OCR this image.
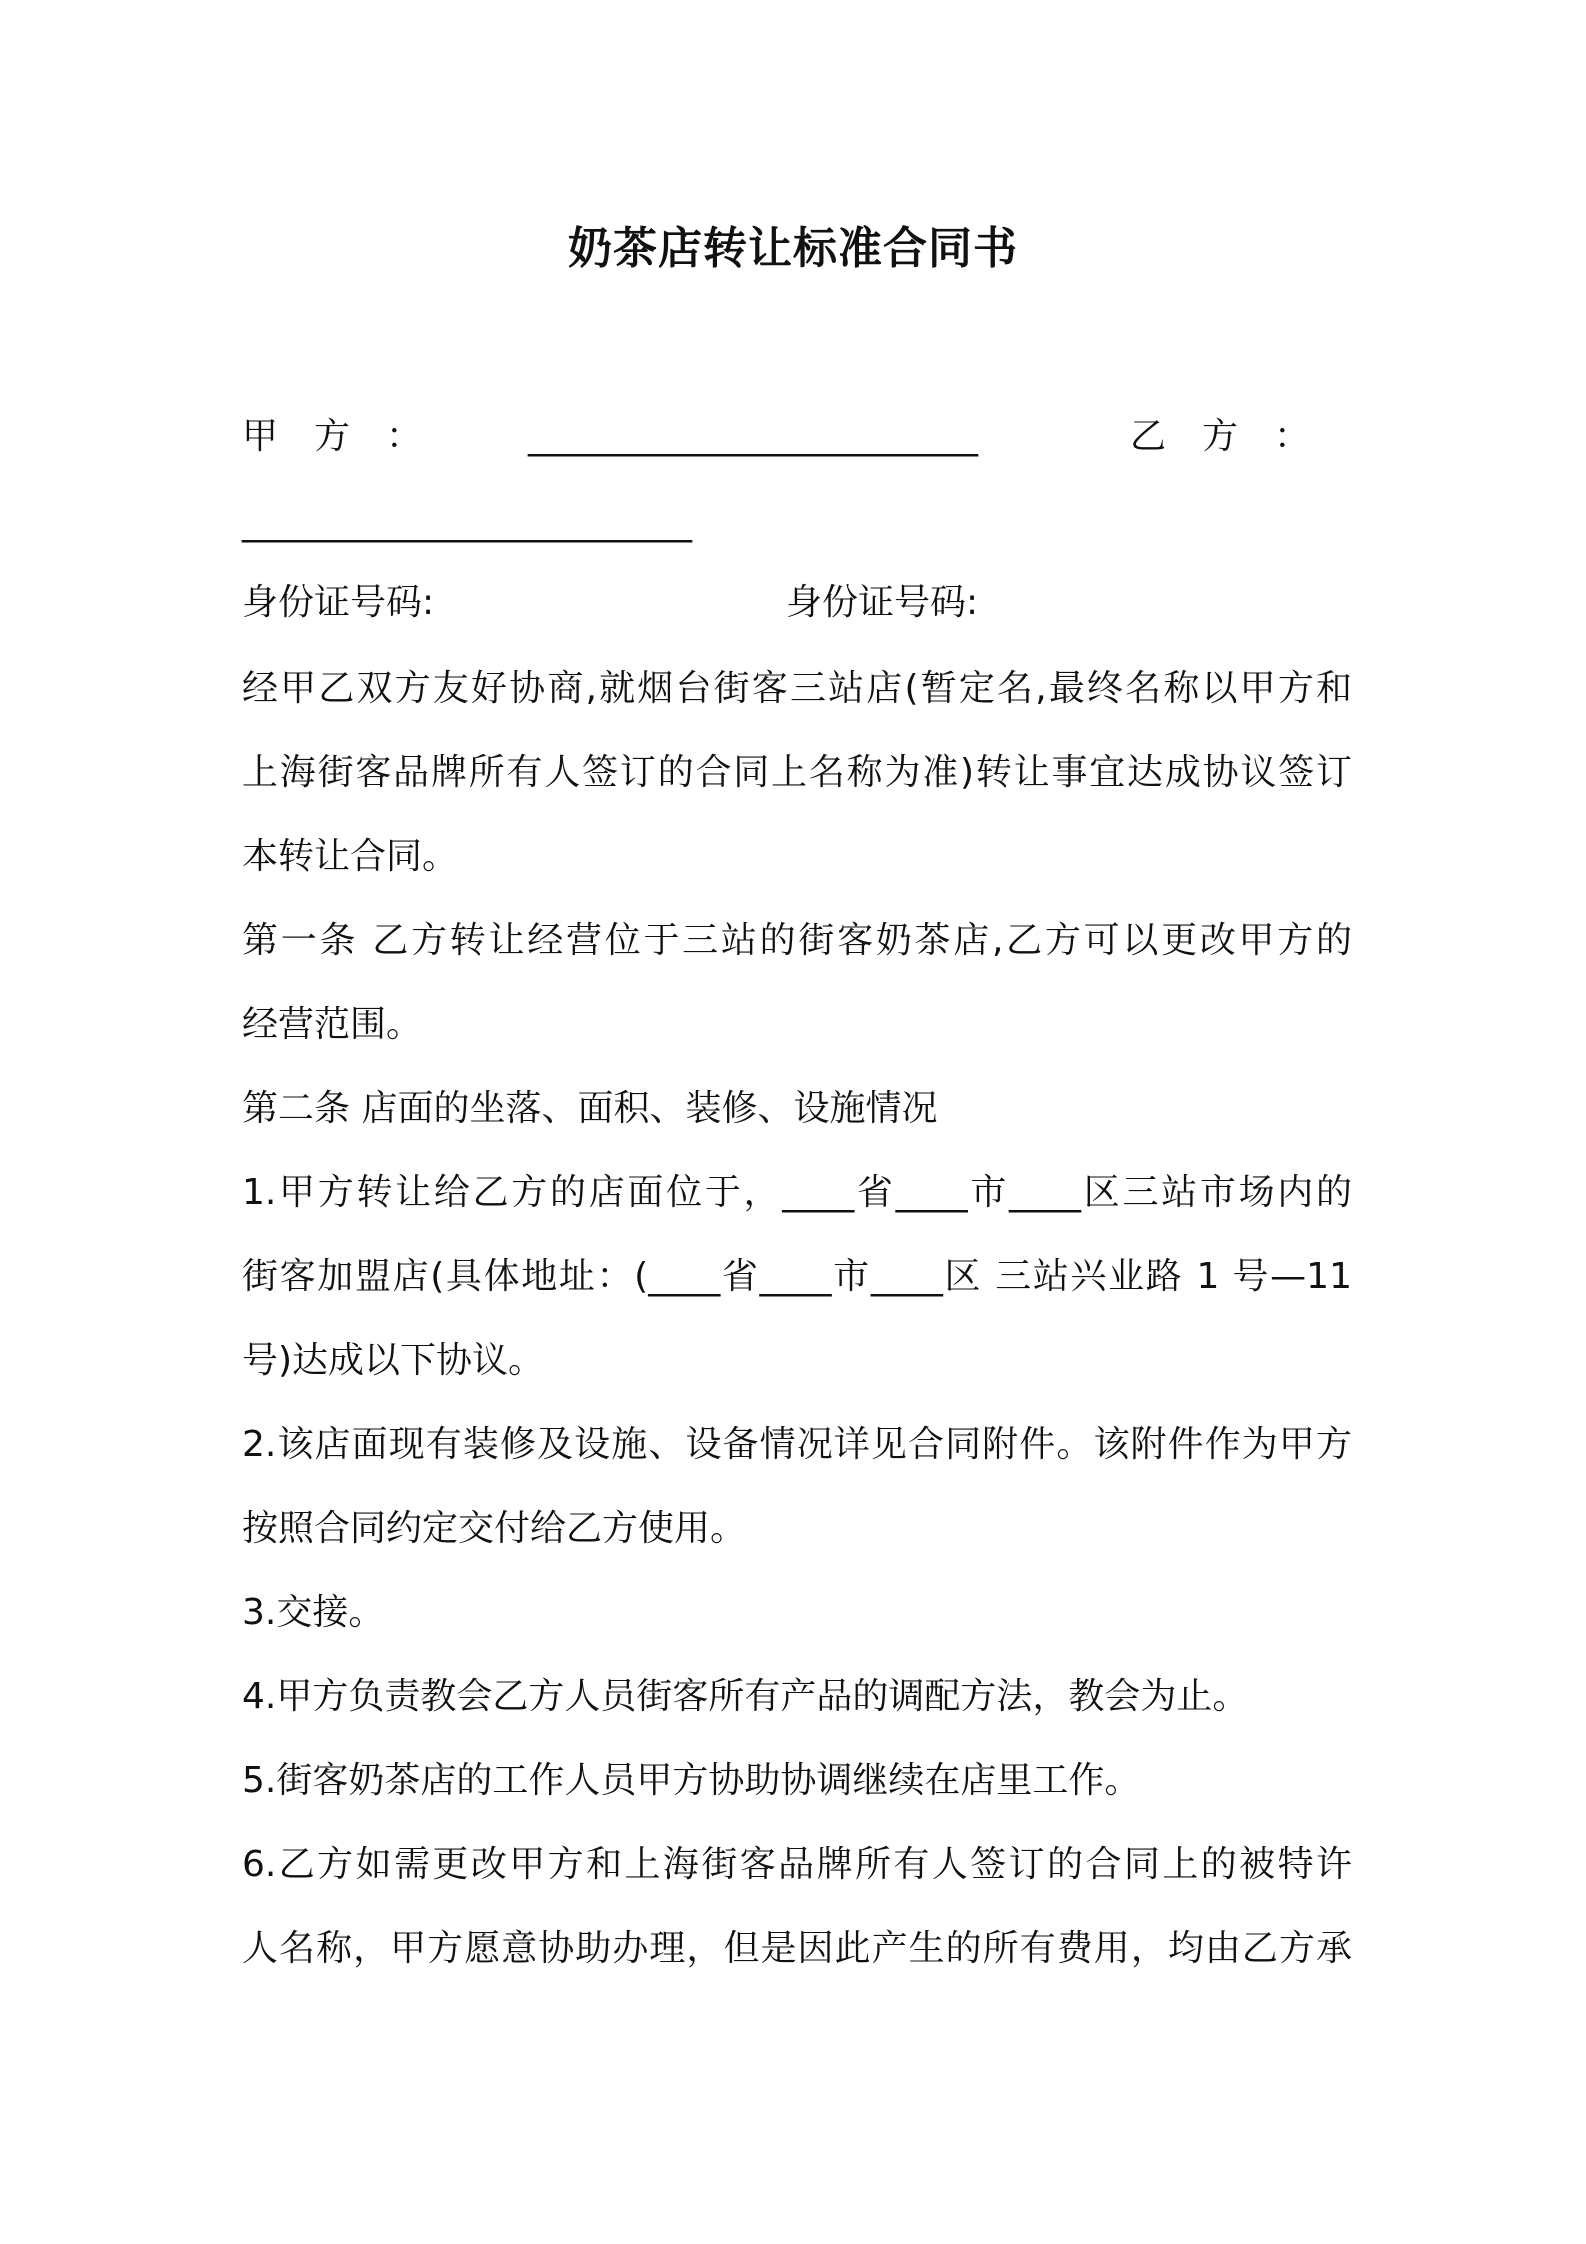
奶茶店转让标准合同书
甲　方　：	_________________________	乙　方　：
_________________________
身份证号码:	身份证号码:
经甲乙双方友好协商,就烟台街客三站店(暂定名,最终名称以甲方和
上海街客品牌所有人签订的合同上名称为准)转让事宜达成协议签订
本转让合同。
第一条 乙方转让经营位于三站的街客奶茶店,乙方可以更改甲方的
经营范围。
第二条 店面的坐落、面积、装修、设施情况
1.甲方转让给乙方的店面位于，____省____市____区三站市场内的
街客加盟店(具体地址：(____省____市____区 三站兴业路 1 号—11
号)达成以下协议。
2.该店面现有装修及设施、设备情况详见合同附件。该附件作为甲方
按照合同约定交付给乙方使用。
3.交接。
4.甲方负责教会乙方人员街客所有产品的调配方法，教会为止。
5.街客奶茶店的工作人员甲方协助协调继续在店里工作。
6.乙方如需更改甲方和上海街客品牌所有人签订的合同上的被特许
人名称，甲方愿意协助办理，但是因此产生的所有费用，均由乙方承
